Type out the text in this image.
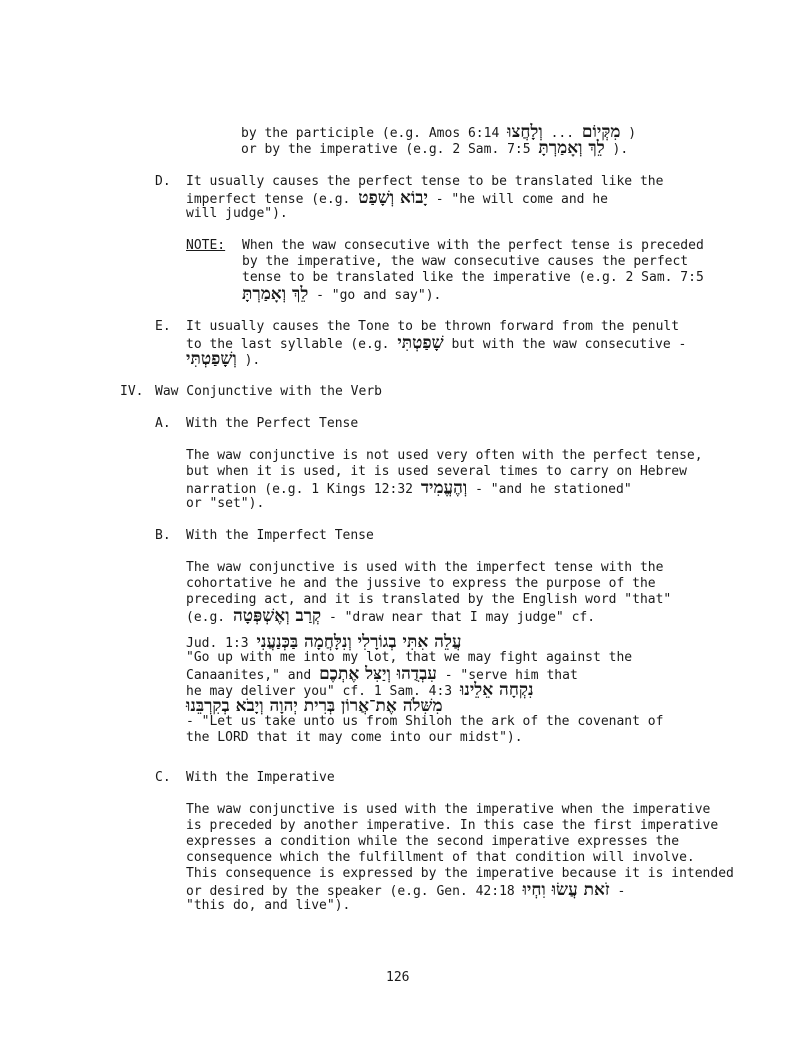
by the participle (e.g. Amos 6:14 וְלָחֲצוּ ... מִקְּיוֹם )
or by the imperative (e.g. 2 Sam. 7:5 לֵךְ וְאָמַרְתָּ ).
D. It usually causes the perfect tense to be translated like the
imperfect tense (e.g. יָבוֹא וְשָׁפַט - "he will come and he
will judge").
NOTE: When the waw consecutive with the perfect tense is preceded
by the imperative, the waw consecutive causes the perfect
tense to be translated like the imperative (e.g. 2 Sam. 7:5
לֵךְ וְאָמַרְתָּ - "go and say").
E. It usually causes the Tone to be thrown forward from the penult
to the last syllable (e.g. שָׁפַטְתִּי but with the waw consecutive -
וְשָׁפַטְתִּי ).
IV. Waw Conjunctive with the Verb
A. With the Perfect Tense
The waw conjunctive is not used very often with the perfect tense,
but when it is used, it is used several times to carry on Hebrew
narration (e.g. 1 Kings 12:32 וְהֶעֱמִיד - "and he stationed"
or "set").
B. With the Imperfect Tense
The waw conjunctive is used with the imperfect tense with the
cohortative he and the jussive to express the purpose of the
preceding act, and it is translated by the English word "that"
(e.g. קְרַב וְאֶשְׁפְּטָה - "draw near that I may judge" cf.
Jud. 1:3 עֲלֵה אִתִּי בְגוֹרָלִי וְנִלָּחֲמָה בַּכְּנַעֲנִי
"Go up with me into my lot, that we may fight against the
Canaanites," and עִבְדֻהוּ וְיַצִּל אֶתְכֶם - "serve him that
he may deliver you" cf. 1 Sam. 4:3 נִקְחָה אֵלֵינוּ
מִשִּׁלֹה אֶת־אֲרוֹן בְּרִית יְהוָה וְיָבֹא בְקִרְבֵּנוּ
- "Let us take unto us from Shiloh the ark of the covenant of
the LORD that it may come into our midst").
C. With the Imperative
The waw conjunctive is used with the imperative when the imperative
is preceded by another imperative. In this case the first imperative
expresses a condition while the second imperative expresses the
consequence which the fulfillment of that condition will involve.
This consequence is expressed by the imperative because it is intended
or desired by the speaker (e.g. Gen. 42:18 זֹאת עֲשׂוּ וִחְיוּ -
"this do, and live").
126
